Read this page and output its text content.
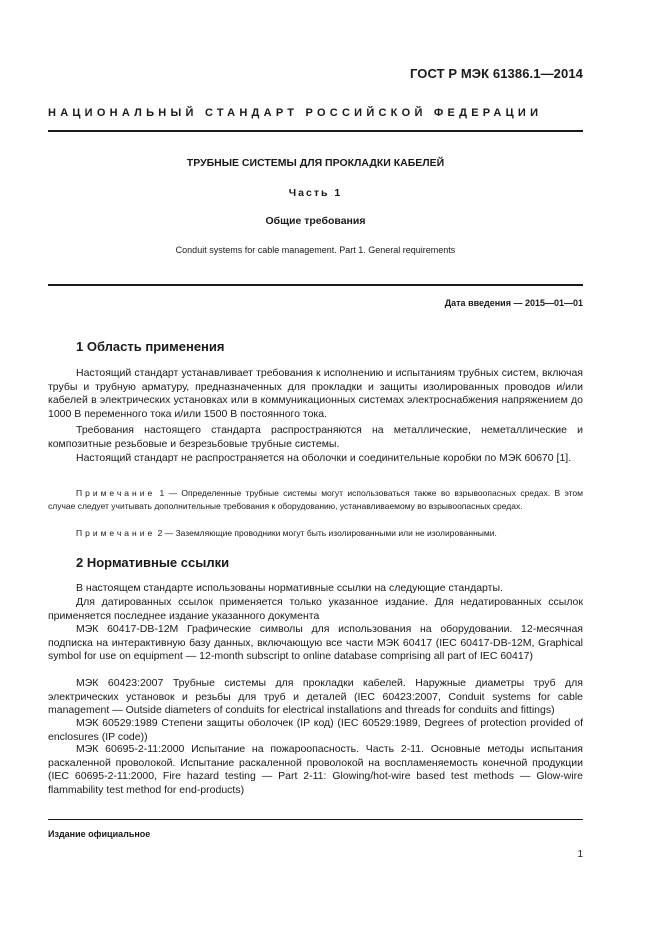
ГОСТ Р МЭК 61386.1—2014
НАЦИОНАЛЬНЫЙ СТАНДАРТ РОССИЙСКОЙ ФЕДЕРАЦИИ
ТРУБНЫЕ СИСТЕМЫ ДЛЯ ПРОКЛАДКИ КАБЕЛЕЙ
Часть 1
Общие требования
Conduit systems for cable management. Part 1. General requirements
Дата введения — 2015—01—01
1 Область применения

Настоящий стандарт устанавливает требования к исполнению и испытаниям трубных систем, включая трубы и трубную арматуру, предназначенных для прокладки и защиты изолированных проводов и/или кабелей в электрических установках или в коммуникационных системах электроснабжения напряжением до 1000 В переменного тока и/или 1500 В постоянного тока.

Требования настоящего стандарта распространяются на металлические, неметаллические и композитные резьбовые и безрезьбовые трубные системы.

Настоящий стандарт не распространяется на оболочки и соединительные коробки по МЭК 60670 [1].

Примечание 1 — Определенные трубные системы могут использоваться также во взрывоопасных средах. В этом случае следует учитывать дополнительные требования к оборудованию, устанавливаемому во взрывоопасных средах.

Примечание 2 — Заземляющие проводники могут быть изолированными или не изолированными.

2 Нормативные ссылки

В настоящем стандарте использованы нормативные ссылки на следующие стандарты.

Для датированных ссылок применяется только указанное издание. Для недатированных ссылок применяется последнее издание указанного документа

МЭК 60417-DB-12M Графические символы для использования на оборудовании. 12-месячная подписка на интерактивную базу данных, включающую все части МЭК 60417 (IEC 60417-DB-12M, Graphical symbol for use on equipment — 12-month subscript to online database comprising all part of IEC 60417)

МЭК 60423:2007 Трубные системы для прокладки кабелей. Наружные диаметры труб для электрических установок и резьбы для труб и деталей (IEC 60423:2007, Conduit systems for cable management — Outside diameters of conduits for electrical installations and threads for conduits and fittings)

МЭК 60529:1989 Степени защиты оболочек (IP код) (IEC 60529:1989, Degrees of protection provided of enclosures (IP code))

МЭК 60695-2-11:2000 Испытание на пожароопасность. Часть 2-11. Основные методы испытания раскаленной проволокой. Испытание раскаленной проволокой на воспламеняемость конечной продукции (IEC 60695-2-11:2000, Fire hazard testing — Part 2-11: Glowing/hot-wire based test methods — Glow-wire flammability test method for end-products)

Издание официальное
1
